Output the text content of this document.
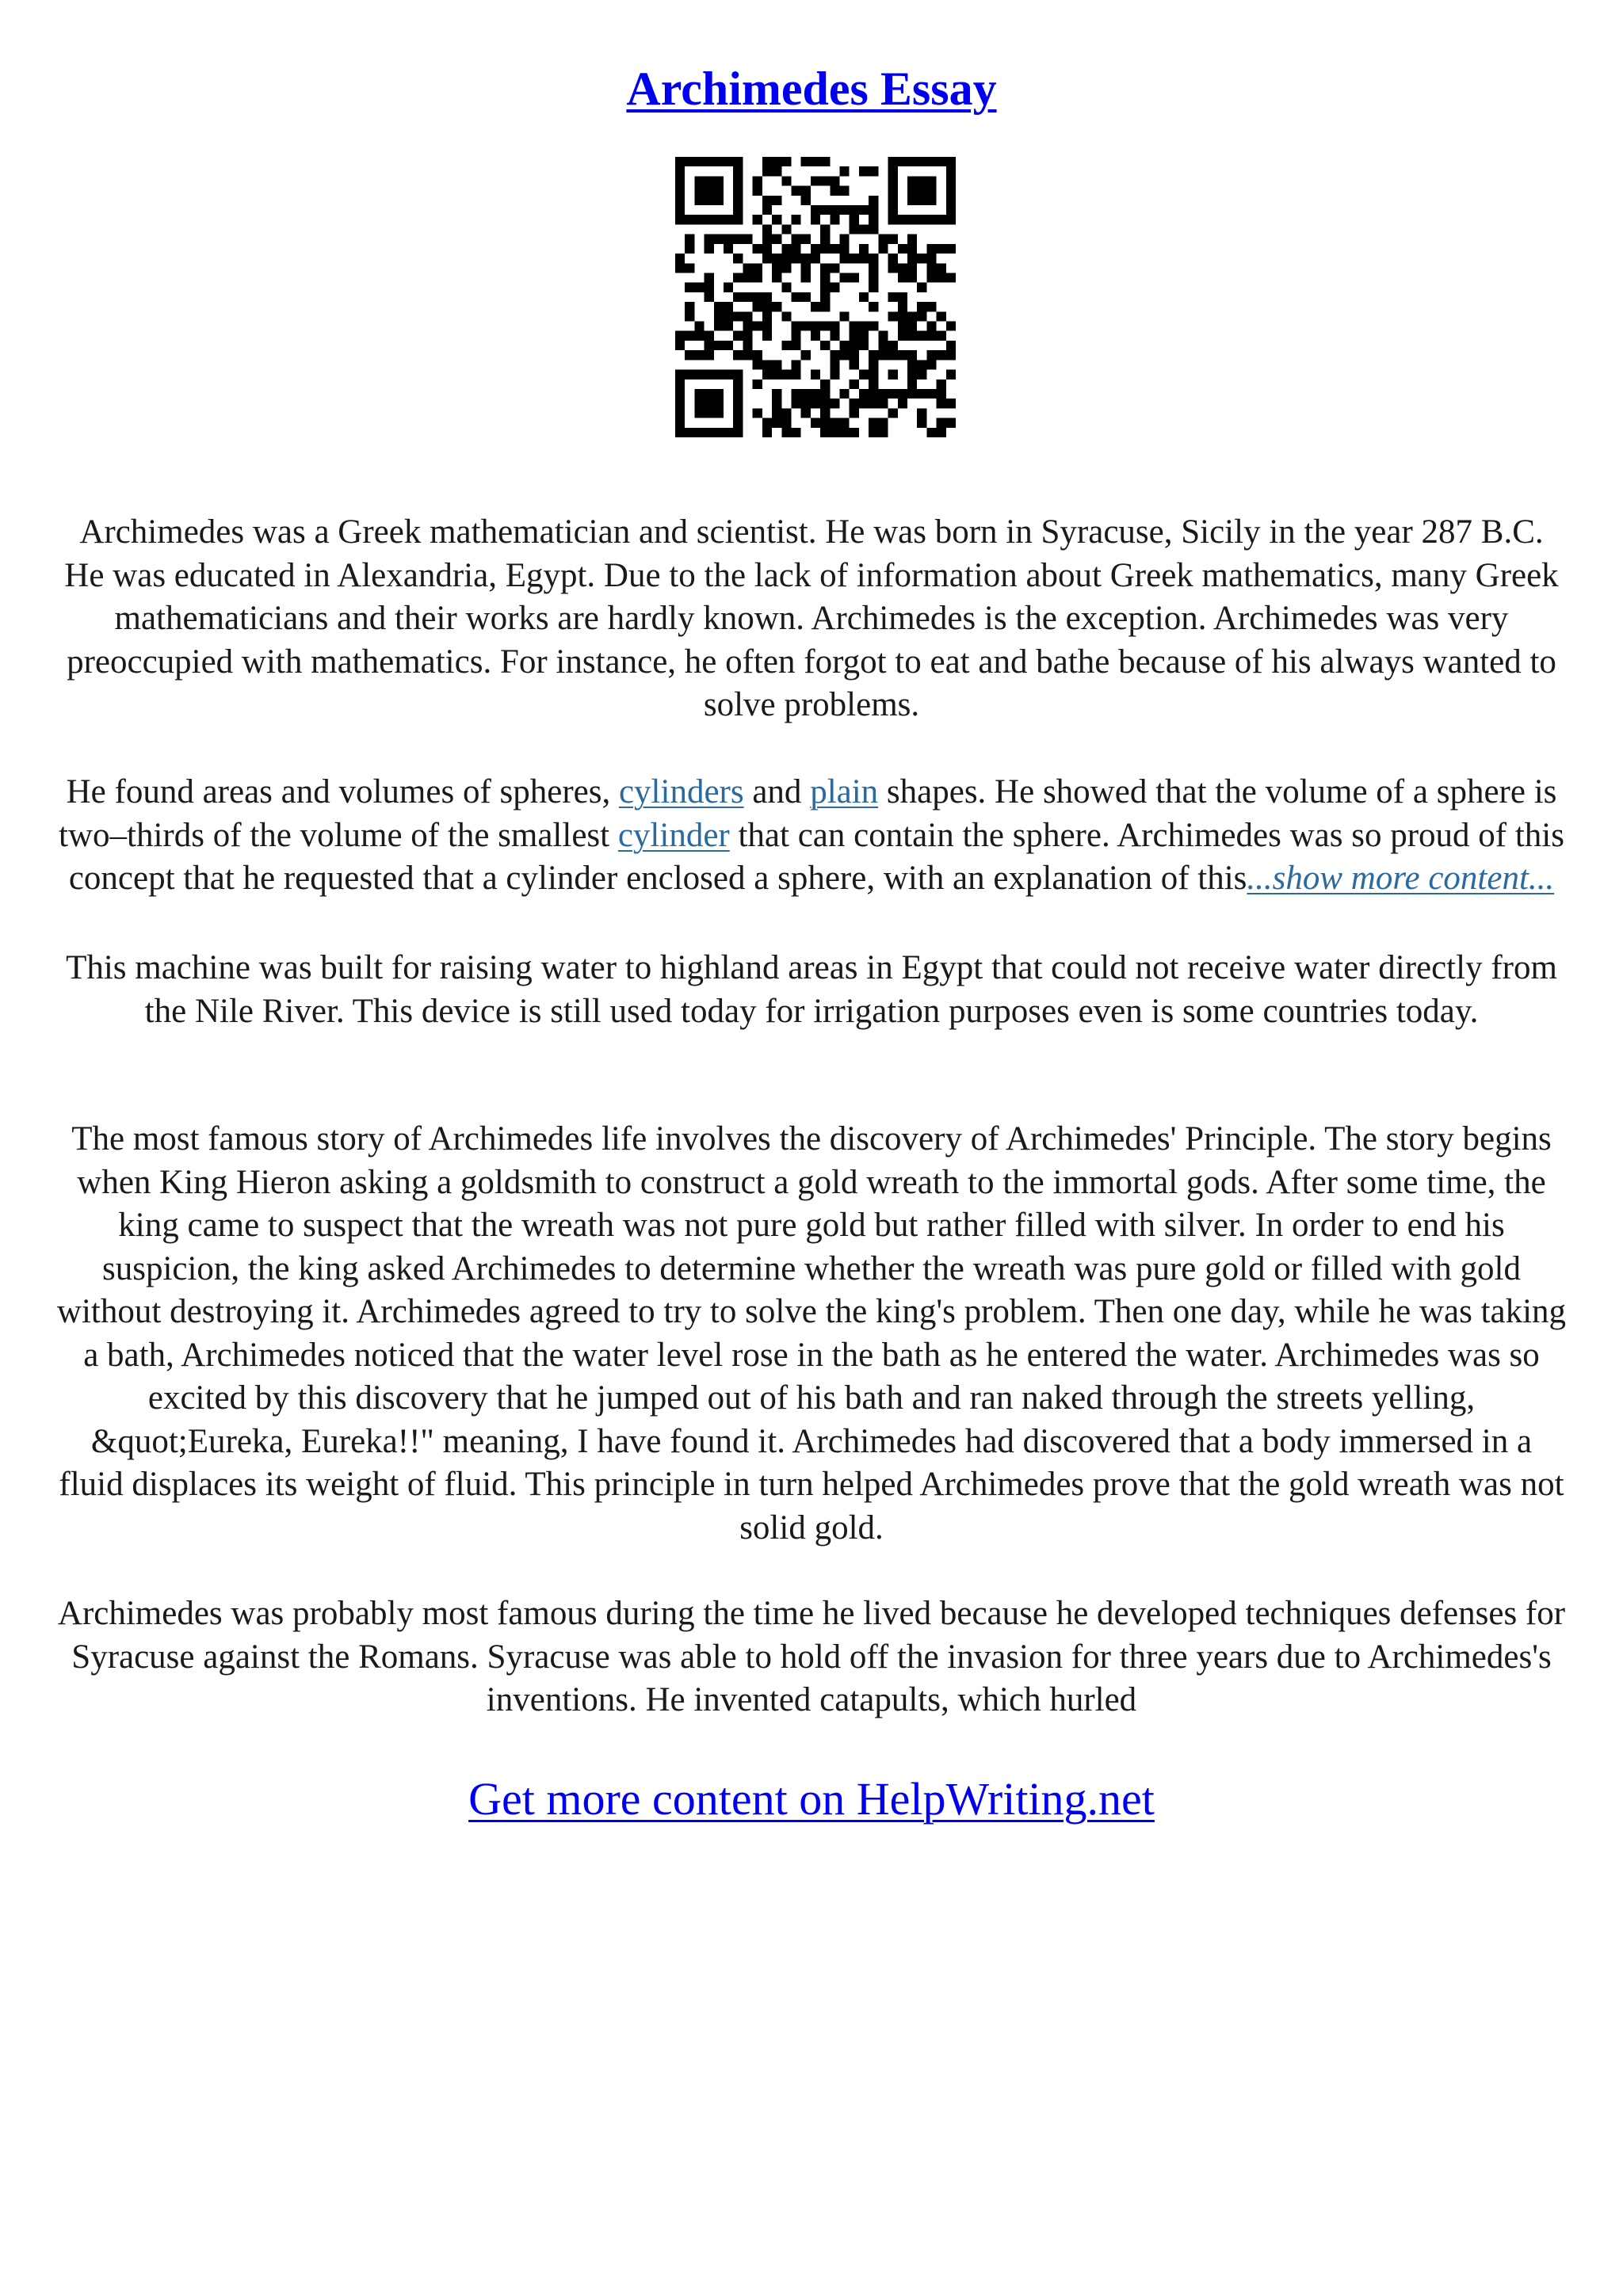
Archimedes Essay
Archimedes was a Greek mathematician and scientist. He was born in Syracuse, Sicily in the year 287 B.C. He was educated in Alexandria, Egypt. Due to the lack of information about Greek mathematics, many Greek mathematicians and their works are hardly known. Archimedes is the exception. Archimedes was very preoccupied with mathematics. For instance, he often forgot to eat and bathe because of his always wanted to solve problems.
He found areas and volumes of spheres, cylinders and plain shapes. He showed that the volume of a sphere is two–thirds of the volume of the smallest cylinder that can contain the sphere. Archimedes was so proud of this concept that he requested that a cylinder enclosed a sphere, with an explanation of this...show more content...
This machine was built for raising water to highland areas in Egypt that could not receive water directly from the Nile River. This device is still used today for irrigation purposes even is some countries today.
The most famous story of Archimedes life involves the discovery of Archimedes' Principle. The story begins when King Hieron asking a goldsmith to construct a gold wreath to the immortal gods. After some time, the king came to suspect that the wreath was not pure gold but rather filled with silver. In order to end his suspicion, the king asked Archimedes to determine whether the wreath was pure gold or filled with gold without destroying it. Archimedes agreed to try to solve the king's problem. Then one day, while he was taking a bath, Archimedes noticed that the water level rose in the bath as he entered the water. Archimedes was so excited by this discovery that he jumped out of his bath and ran naked through the streets yelling, &quot;Eureka, Eureka!!" meaning, I have found it. Archimedes had discovered that a body immersed in a fluid displaces its weight of fluid. This principle in turn helped Archimedes prove that the gold wreath was not solid gold.
Archimedes was probably most famous during the time he lived because he developed techniques defenses for Syracuse against the Romans. Syracuse was able to hold off the invasion for three years due to Archimedes's inventions. He invented catapults, which hurled
Get more content on HelpWriting.net
